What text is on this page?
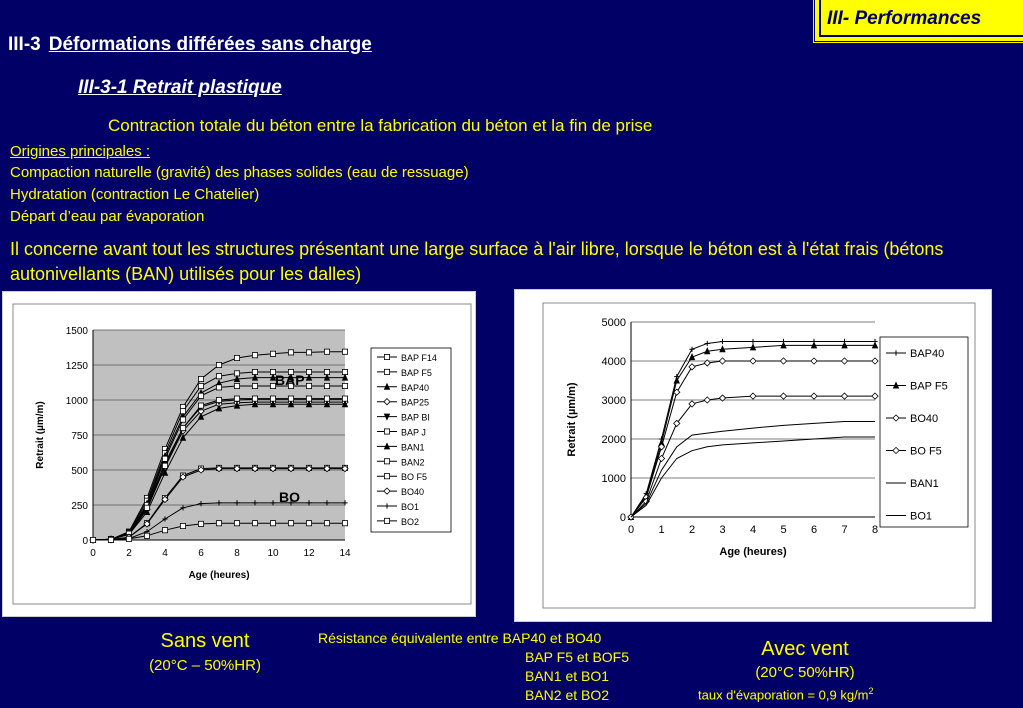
III- Performances
III-3 Déformations différées sans charge
III-3-1 Retrait plastique
Contraction totale du béton entre la fabrication du béton et la fin de prise
Origines principales :
Compaction naturelle (gravité) des phases solides (eau de ressuage)
Hydratation (contraction Le Chatelier)
Départ d’eau par évaporation
Il concerne avant tout les structures présentant une large surface à l'air libre, lorsque le béton est à l'état frais (bétons autonivellants (BAN) utilisés pour les dalles)
0
250
500
750
1000
1250
1500
0	2	4	6	8	10 12 14
Age (heures)
Retrait (µm/m)
BAP F14
BAP F5
BAP40
BAP25
BAP BI
BAP J
BAN1
BAN2
BO F5
BO40
BO1
BO2
BAP
BO
0
1000
2000
3000
4000
5000
0 1 2 3 4 5 6 7 8
Age (heures)
Retrait (µm/m)
BAP40
BAP F5
BO40
BO F5
BAN1
BO1
Sans vent
(20°C – 50%HR)
Résistance équivalente entre BAP40 et BO40
BAP F5 et BOF5
BAN1 et BO1
BAN2 et BO2
Avec vent
(20°C 50%HR)
taux d'évaporation = 0,9 $kg/m^2$
